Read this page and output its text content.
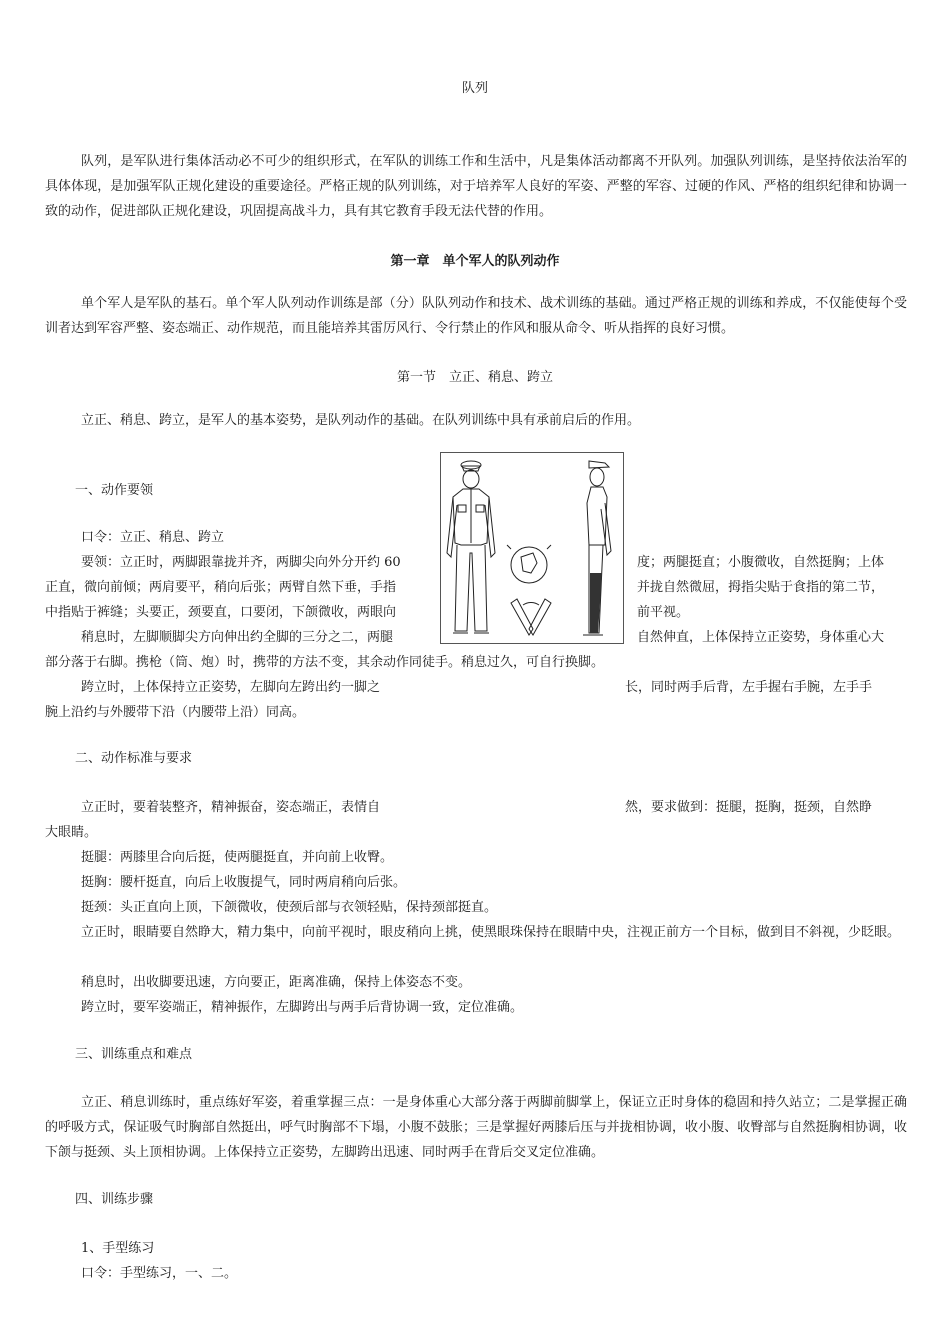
队列
队列，是军队进行集体活动必不可少的组织形式，在军队的训练工作和生活中，凡是集体活动都离不开队列。加强队列训练，是坚持依法治军的具体体现，是加强军队正规化建设的重要途径。严格正规的队列训练，对于培养军人良好的军姿、严整的军容、过硬的作风、严格的组织纪律和协调一致的动作，促进部队正规化建设，巩固提高战斗力，具有其它教育手段无法代替的作用。
第一章　单个军人的队列动作
单个军人是军队的基石。单个军人队列动作训练是部（分）队队列动作和技术、战术训练的基础。通过严格正规的训练和养成，不仅能使每个受训者达到军容严整、姿态端正、动作规范，而且能培养其雷厉风行、令行禁止的作风和服从命令、听从指挥的良好习惯。
第一节　立正、稍息、跨立
立正、稍息、跨立，是军人的基本姿势，是队列动作的基础。在队列训练中具有承前启后的作用。
一、动作要领
口令：立正、稍息、跨立
要领：立正时，两脚跟靠拢并齐，两脚尖向外分开约 60	度；两腿挺直；小腹微收，自然挺胸；上体
正直，微向前倾；两肩要平，稍向后张；两臂自然下垂，手指	并拢自然微屈，拇指尖贴于食指的第二节，
中指贴于裤缝；头要正，颈要直，口要闭，下颌微收，两眼向	前平视。
稍息时，左脚顺脚尖方向伸出约全脚的三分之二，两腿	自然伸直，上体保持立正姿势，身体重心大
部分落于右脚。携枪（筒、炮）时，携带的方法不变，其余动作同徒手。稍息过久，可自行换脚。
跨立时，上体保持立正姿势，左脚向左跨出约一脚之	长，同时两手后背，左手握右手腕，左手手
腕上沿约与外腰带下沿（内腰带上沿）同高。
二、动作标准与要求
立正时，要着装整齐，精神振奋，姿态端正，表情自	然，要求做到：挺腿，挺胸，挺颈，自然睁
大眼睛。
挺腿：两膝里合向后挺，使两腿挺直，并向前上收臀。
挺胸：腰杆挺直，向后上收腹提气，同时两肩稍向后张。
挺颈：头正直向上顶，下颌微收，使颈后部与衣领轻贴，保持颈部挺直。
立正时，眼睛要自然睁大，精力集中，向前平视时，眼皮稍向上挑，使黑眼珠保持在眼睛中央，注视正前方一个目标，做到目不斜视，少眨眼。
稍息时，出收脚要迅速，方向要正，距离准确，保持上体姿态不变。
跨立时，要军姿端正，精神振作，左脚跨出与两手后背协调一致，定位准确。
三、训练重点和难点
立正、稍息训练时，重点练好军姿，着重掌握三点：一是身体重心大部分落于两脚前脚掌上，保证立正时身体的稳固和持久站立；二是掌握正确的呼吸方式，保证吸气时胸部自然挺出，呼气时胸部不下塌，小腹不鼓胀；三是掌握好两膝后压与并拢相协调，收小腹、收臀部与自然挺胸相协调，收下颌与挺颈、头上顶相协调。上体保持立正姿势，左脚跨出迅速、同时两手在背后交叉定位准确。
四、训练步骤
1、手型练习
口令：手型练习，一、二。
